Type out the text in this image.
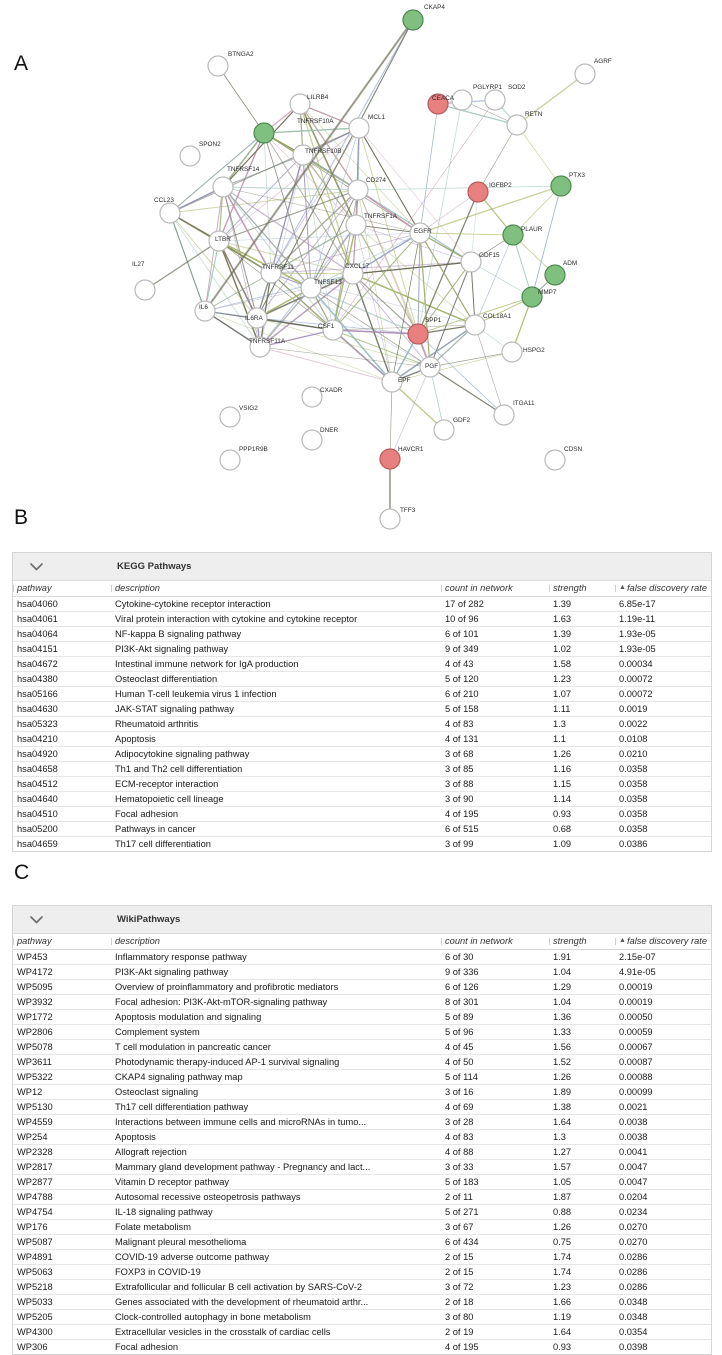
A
B
C
CKAP4
BTNGA2
AGRF
LILRB4	CEACA
PGLYRP1 SOD2
MCL1	RETN
TNFRSF10A
SPON2
TNFRSF10B
IGFBP2
PTX3
TNFRSF14
CD274
CCL23
PLAUR
TNFRSF1A
LTBR
EGFR
GDF15
IL27	ADM
TNFRSF11	CXCL17
TNFSF13
MMP7
IL6
IL6RA	COL18A1
SPP1
CSF1
TNFRSF11A
HSPG2
PGF
EPF
CXADR
ITGA11
VSIG2
GDF2
DNER
PPP1R9B	HAVCR1	CDSN
TFF3
KEGG Pathways
pathway	description	count in network	strength	▲false discovery rate
hsa04060	Cytokine-cytokine receptor interaction	17 of 282	1.39	6.85e-17
hsa04061	Viral protein interaction with cytokine and cytokine receptor	10 of 96	1.63	1.19e-11
hsa04064	NF-kappa B signaling pathway	6 of 101	1.39	1.93e-05
hsa04151	PI3K-Akt signaling pathway	9 of 349	1.02	1.93e-05
hsa04672	Intestinal immune network for IgA production	4 of 43	1.58	0.00034
hsa04380	Osteoclast differentiation	5 of 120	1.23	0.00072
hsa05166	Human T-cell leukemia virus 1 infection	6 of 210	1.07	0.00072
hsa04630	JAK-STAT signaling pathway	5 of 158	1.11	0.0019
hsa05323	Rheumatoid arthritis	4 of 83	1.3	0.0022
hsa04210	Apoptosis	4 of 131	1.1	0.0108
hsa04920	Adipocytokine signaling pathway	3 of 68	1.26	0.0210
hsa04658	Th1 and Th2 cell differentiation	3 of 85	1.16	0.0358
hsa04512	ECM-receptor interaction	3 of 88	1.15	0.0358
hsa04640	Hematopoietic cell lineage	3 of 90	1.14	0.0358
hsa04510	Focal adhesion	4 of 195	0.93	0.0358
hsa05200	Pathways in cancer	6 of 515	0.68	0.0358
hsa04659	Th17 cell differentiation	3 of 99	1.09	0.0386
WikiPathways
pathway	description	count in network	strength	▲false discovery rate
WP453	Inflammatory response pathway	6 of 30	1.91	2.15e-07
WP4172	PI3K-Akt signaling pathway	9 of 336	1.04	4.91e-05
WP5095	Overview of proinflammatory and profibrotic mediators	6 of 126	1.29	0.00019
WP3932	Focal adhesion: PI3K-Akt-mTOR-signaling pathway	8 of 301	1.04	0.00019
WP1772	Apoptosis modulation and signaling	5 of 89	1.36	0.00050
WP2806	Complement system	5 of 96	1.33	0.00059
WP5078	T cell modulation in pancreatic cancer	4 of 45	1.56	0.00067
WP3611	Photodynamic therapy-induced AP-1 survival signaling	4 of 50	1.52	0.00087
WP5322	CKAP4 signaling pathway map	5 of 114	1.26	0.00088
WP12	Osteoclast signaling	3 of 16	1.89	0.00099
WP5130	Th17 cell differentiation pathway	4 of 69	1.38	0.0021
WP4559	Interactions between immune cells and microRNAs in tumo...	3 of 28	1.64	0.0038
WP254	Apoptosis	4 of 83	1.3	0.0038
WP2328	Allograft rejection	4 of 88	1.27	0.0041
WP2817	Mammary gland development pathway - Pregnancy and lact...	3 of 33	1.57	0.0047
WP2877	Vitamin D receptor pathway	5 of 183	1.05	0.0047
WP4788	Autosomal recessive osteopetrosis pathways	2 of 11	1.87	0.0204
WP4754	IL-18 signaling pathway	5 of 271	0.88	0.0234
WP176	Folate metabolism	3 of 67	1.26	0.0270
WP5087	Malignant pleural mesothelioma	6 of 434	0.75	0.0270
WP4891	COVID-19 adverse outcome pathway	2 of 15	1.74	0.0286
WP5063	FOXP3 in COVID-19	2 of 15	1.74	0.0286
WP5218	Extrafollicular and follicular B cell activation by SARS-CoV-2	3 of 72	1.23	0.0286
WP5033	Genes associated with the development of rheumatoid arthr...	2 of 18	1.66	0.0348
WP5205	Clock-controlled autophagy in bone metabolism	3 of 80	1.19	0.0348
WP4300	Extracellular vesicles in the crosstalk of cardiac cells	2 of 19	1.64	0.0354
WP306	Focal adhesion	4 of 195	0.93	0.0398
